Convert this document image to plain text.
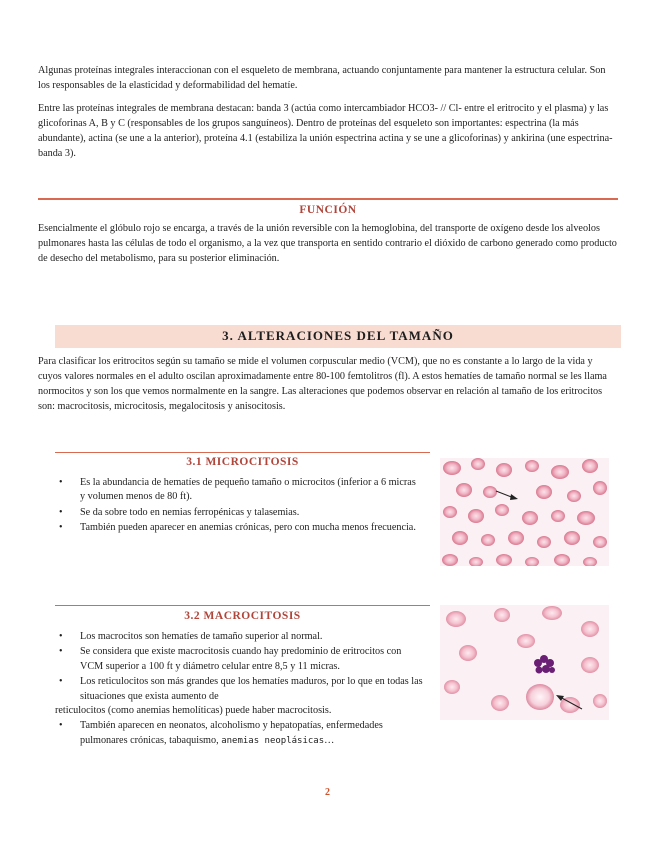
Algunas proteínas integrales interaccionan con el esqueleto de membrana, actuando conjuntamente para mantener la estructura celular. Son los responsables de la elasticidad y deformabilidad del hematíe.

Entre las proteínas integrales de membrana destacan: banda 3 (actúa como intercambiador HCO3- // Cl- entre el eritrocito y el plasma) y las glicoforinas A, B y C (responsables de los grupos sanguíneos). Dentro de proteínas del esqueleto son importantes: espectrina (la más abundante), actina (se une a la anterior), proteína 4.1 (estabiliza la unión espectrina actina y se une a glicoforinas) y ankirina (une espectrina-banda 3).

FUNCIÓN

Esencialmente el glóbulo rojo se encarga, a través de la unión reversible con la hemoglobina, del transporte de oxígeno desde los alveolos pulmonares hasta las células de todo el organismo, a la vez que transporta en sentido contrario el dióxido de carbono generado como producto de desecho del metabolismo, para su posterior eliminación.

3. ALTERACIONES DEL TAMAÑO

Para clasificar los eritrocitos según su tamaño se mide el volumen corpuscular medio (VCM), que no es constante a lo largo de la vida y cuyos valores normales en el adulto oscilan aproximadamente entre 80-100 femtolitros (fl). A estos hematíes de tamaño normal se les llama normocitos y son los que vemos normalmente en la sangre. Las alteraciones que podemos observar en relación al tamaño de los eritrocitos son: macrocitosis, microcitosis, megalocitosis y anisocitosis.

3.1 MICROCITOSIS
• Es la abundancia de hematíes de pequeño tamaño o microcitos (inferior a 6 micras y volumen menos de 80 ft).
• Se da sobre todo en nemias ferropénicas y talasemias.
• También pueden aparecer en anemias crónicas, pero con mucha menos frecuencia.
3.2 MACROCITOSIS
• Los macrocitos son hematíes de tamaño superior al normal.
• Se considera que existe macrocitosis cuando hay predominio de eritrocitos con VCM superior a 100 ft y diámetro celular entre 8,5 y 11 micras.
• Los reticulocitos son más grandes que los hematíes maduros, por lo que en todas las situaciones que exista aumento de
reticulocitos (como anemias hemolíticas) puede haber macrocitosis.
• También aparecen en neonatos, alcoholismo y hepatopatías, enfermedades pulmonares crónicas, tabaquismo, anemias neoplásicas…
2
